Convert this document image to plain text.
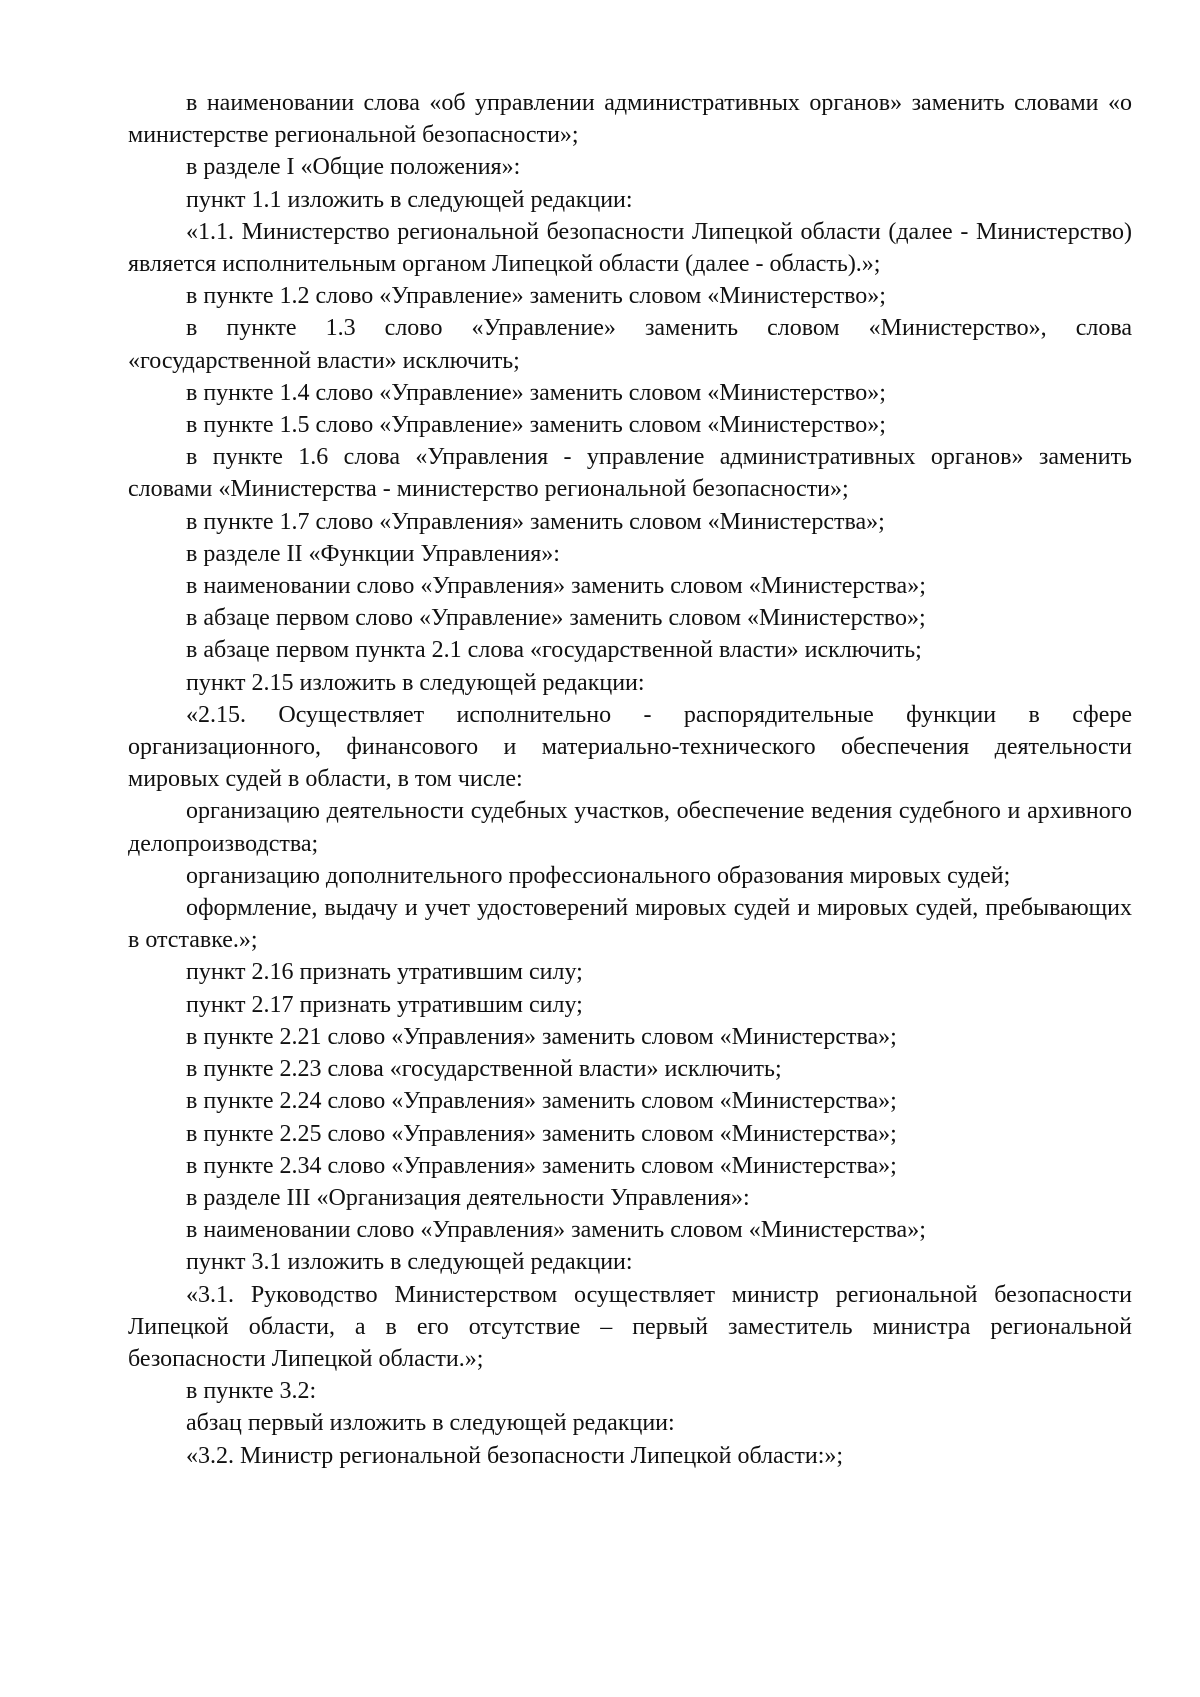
в наименовании слова «об управлении административных органов» заменить словами «о министерстве региональной безопасности»;

в разделе I «Общие положения»:

пункт 1.1 изложить в следующей редакции:

«1.1. Министерство региональной безопасности Липецкой области (далее - Министерство) является исполнительным органом Липецкой области (далее - область).»;

в пункте 1.2 слово «Управление» заменить словом «Министерство»;

в пункте 1.3 слово «Управление» заменить словом «Министерство», слова «государственной власти» исключить;

в пункте 1.4 слово «Управление» заменить словом «Министерство»;

в пункте 1.5 слово «Управление» заменить словом «Министерство»;

в пункте 1.6 слова «Управления - управление административных органов» заменить словами «Министерства - министерство региональной безопасности»;

в пункте 1.7 слово «Управления» заменить словом «Министерства»;

в разделе II «Функции Управления»:

в наименовании слово «Управления» заменить словом «Министерства»;

в абзаце первом слово «Управление» заменить словом «Министерство»;

в абзаце первом пункта 2.1 слова «государственной власти» исключить;

пункт 2.15 изложить в следующей редакции:

«2.15. Осуществляет исполнительно - распорядительные функции в сфере организационного, финансового и материально-технического обеспечения деятельности мировых судей в области, в том числе:

организацию деятельности судебных участков, обеспечение ведения судебного и архивного делопроизводства;

организацию дополнительного профессионального образования мировых судей;

оформление, выдачу и учет удостоверений мировых судей и мировых судей, пребывающих в отставке.»;

пункт 2.16 признать утратившим силу;

пункт 2.17 признать утратившим силу;

в пункте 2.21 слово «Управления» заменить словом «Министерства»;

в пункте 2.23 слова «государственной власти» исключить;

в пункте 2.24 слово «Управления» заменить словом «Министерства»;

в пункте 2.25 слово «Управления» заменить словом «Министерства»;

в пункте 2.34 слово «Управления» заменить словом «Министерства»;

в разделе III «Организация деятельности Управления»:

в наименовании слово «Управления» заменить словом «Министерства»;

пункт 3.1 изложить в следующей редакции:

«3.1. Руководство Министерством осуществляет министр региональной безопасности Липецкой области, а в его отсутствие – первый заместитель министра региональной безопасности Липецкой области.»;

в пункте 3.2:

абзац первый изложить в следующей редакции:

«3.2. Министр региональной безопасности Липецкой области:»;
